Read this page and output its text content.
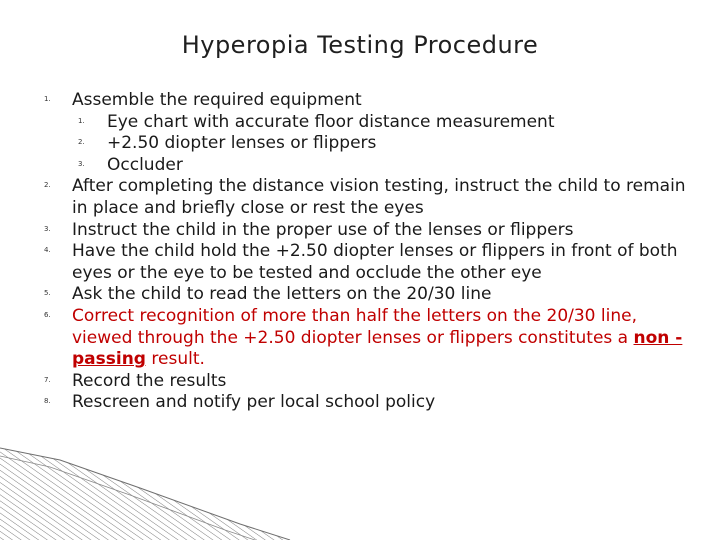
Hyperopia Testing Procedure
1.	Assemble the required equipment
1.	Eye chart with accurate floor distance measurement
2.	+2.50 diopter lenses or flippers
3.	Occluder
2.	After completing the distance vision testing, instruct the child to remain in place and briefly close or rest the eyes
3.	Instruct the child in the proper use of the lenses or flippers
4.	Have the child hold the +2.50 diopter lenses or flippers in front of both eyes or the eye to be tested and occlude the other eye
5.	Ask the child to read the letters on the 20/30 line
6.	Correct recognition of more than half the letters on the 20/30 line, viewed through the +2.50 diopter lenses or flippers constitutes a non -passing result.
7.	Record the results
8.	Rescreen and notify per local school policy
